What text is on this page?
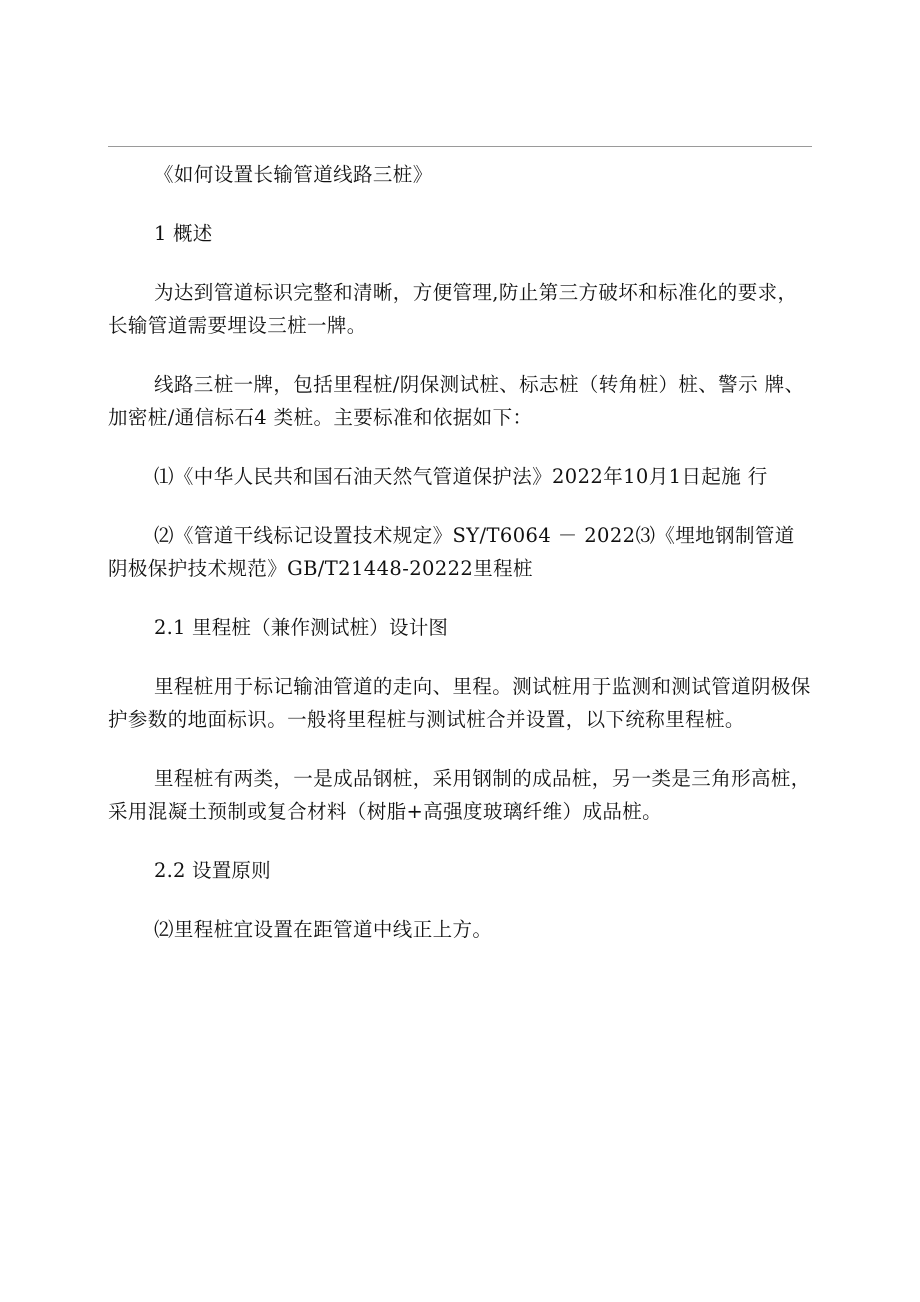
《如何设置长输管道线路三桩》

1 概述

为达到管道标识完整和清晰，方便管理,防止第三方破坏和标准化的要求，长输管道需要埋设三桩一牌。

线路三桩一牌，包括里程桩/阴保测试桩、标志桩（转角桩）桩、警示 牌、加密桩/通信标石4 类桩。主要标准和依据如下：

⑴《中华人民共和国石油天然气管道保护法》2022年10月1日起施 行

⑵《管道干线标记设置技术规定》SY/T6064 － 2022⑶《埋地钢制管道 阴极保护技术规范》GB/T21448-20222里程桩

2.1 里程桩（兼作测试桩）设计图

里程桩用于标记输油管道的走向、里程。测试桩用于监测和测试管道阴极保护参数的地面标识。一般将里程桩与测试桩合并设置，以下统称里程桩。

里程桩有两类，一是成品钢桩，采用钢制的成品桩，另一类是三角形高桩，采用混凝土预制或复合材料（树脂+高强度玻璃纤维）成品桩。

2.2 设置原则

⑵里程桩宜设置在距管道中线正上方。
